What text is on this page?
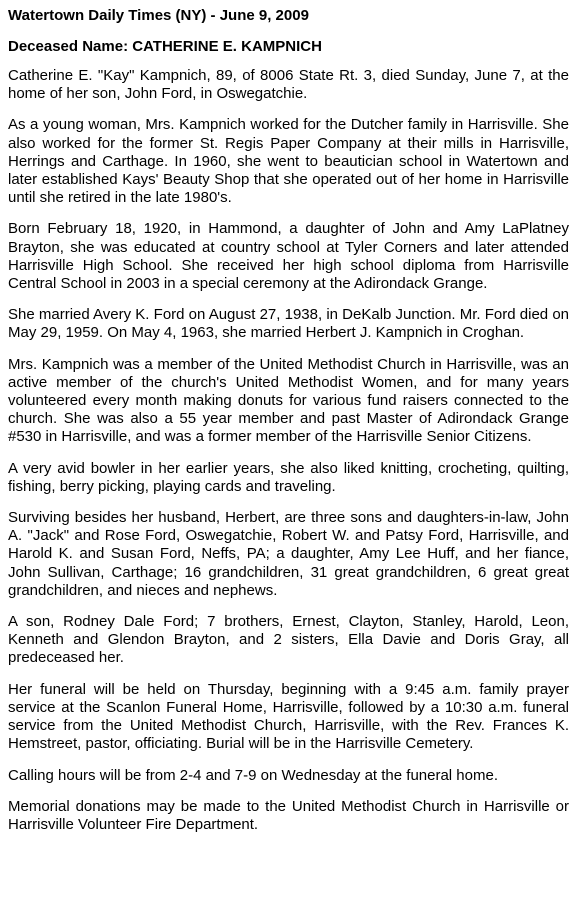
Watertown Daily Times (NY) - June 9, 2009

Deceased Name: CATHERINE E. KAMPNICH

Catherine E. "Kay" Kampnich, 89, of 8006 State Rt. 3, died Sunday, June 7, at the home of her son, John Ford, in Oswegatchie.

As a young woman, Mrs. Kampnich worked for the Dutcher family in Harrisville. She also worked for the former St. Regis Paper Company at their mills in Harrisville, Herrings and Carthage. In 1960, she went to beautician school in Watertown and later established Kays' Beauty Shop that she operated out of her home in Harrisville until she retired in the late 1980's.

Born February 18, 1920, in Hammond, a daughter of John and Amy LaPlatney Brayton, she was educated at country school at Tyler Corners and later attended Harrisville High School. She received her high school diploma from Harrisville Central School in 2003 in a special ceremony at the Adirondack Grange.

She married Avery K. Ford on August 27, 1938, in DeKalb Junction. Mr. Ford died on May 29, 1959. On May 4, 1963, she married Herbert J. Kampnich in Croghan.

Mrs. Kampnich was a member of the United Methodist Church in Harrisville, was an active member of the church's United Methodist Women, and for many years volunteered every month making donuts for various fund raisers connected to the church. She was also a 55 year member and past Master of Adirondack Grange #530 in Harrisville, and was a former member of the Harrisville Senior Citizens.

A very avid bowler in her earlier years, she also liked knitting, crocheting, quilting, fishing, berry picking, playing cards and traveling.

Surviving besides her husband, Herbert, are three sons and daughters-in-law, John A. "Jack" and Rose Ford, Oswegatchie, Robert W. and Patsy Ford, Harrisville, and Harold K. and Susan Ford, Neffs, PA; a daughter, Amy Lee Huff, and her fiance, John Sullivan, Carthage; 16 grandchildren, 31 great grandchildren, 6 great great grandchildren, and nieces and nephews.

A son, Rodney Dale Ford; 7 brothers, Ernest, Clayton, Stanley, Harold, Leon, Kenneth and Glendon Brayton, and 2 sisters, Ella Davie and Doris Gray, all predeceased her.

Her funeral will be held on Thursday, beginning with a 9:45 a.m. family prayer service at the Scanlon Funeral Home, Harrisville, followed by a 10:30 a.m. funeral service from the United Methodist Church, Harrisville, with the Rev. Frances K. Hemstreet, pastor, officiating. Burial will be in the Harrisville Cemetery.

Calling hours will be from 2-4 and 7-9 on Wednesday at the funeral home.

Memorial donations may be made to the United Methodist Church in Harrisville or Harrisville Volunteer Fire Department.
